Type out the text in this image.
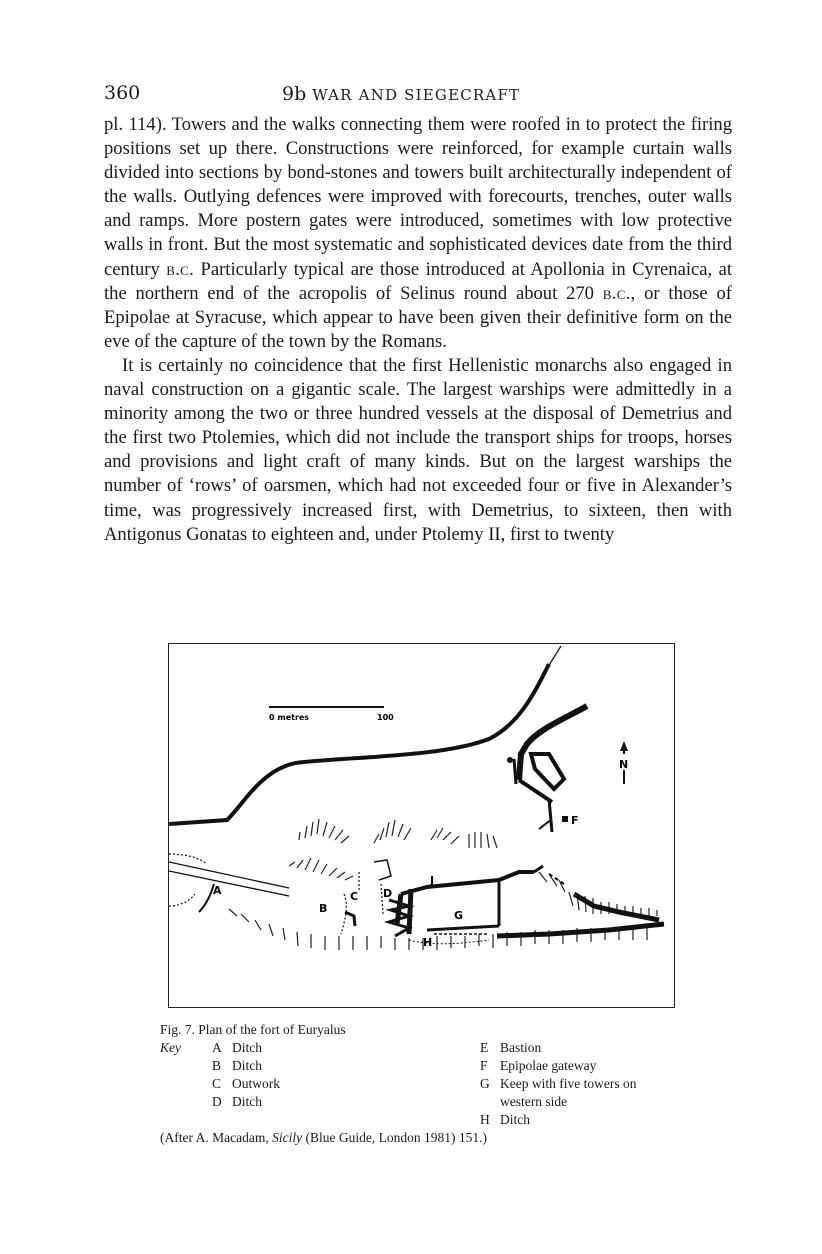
360	9b WAR AND SIEGECRAFT

pl. 114). Towers and the walks connecting them were roofed in to protect the firing positions set up there. Constructions were reinforced, for example curtain walls divided into sections by bond-stones and towers built architecturally independent of the walls. Outlying defences were improved with forecourts, trenches, outer walls and ramps. More postern gates were introduced, sometimes with low protective walls in front. But the most systematic and sophisticated devices date from the third century b.c. Particularly typical are those introduced at Apollonia in Cyrenaica, at the northern end of the acropolis of Selinus round about 270 b.c., or those of Epipolae at Syracuse, which appear to have been given their definitive form on the eve of the capture of the town by the Romans.

It is certainly no coincidence that the first Hellenistic monarchs also engaged in naval construction on a gigantic scale. The largest warships were admittedly in a minority among the two or three hundred vessels at the disposal of Demetrius and the first two Ptolemies, which did not include the transport ships for troops, horses and provisions and light craft of many kinds. But on the largest warships the number of ‘rows’ of oarsmen, which had not exceeded four or five in Alexander’s time, was progressively increased first, with Demetrius, to sixteen, then with Antigonus Gonatas to eighteen and, under Ptolemy II, first to twenty

0 metres	100
N
F
A
B
C D
J
G
H
Fig. 7. Plan of the fort of Euryalus
Key A Ditch
B Ditch
C Outwork
D Ditch
E Bastion
F Epipolae gateway
G Keep with five towers on
western side
H Ditch
(After A. Macadam, Sicily (Blue Guide, London 1981) 151.)
